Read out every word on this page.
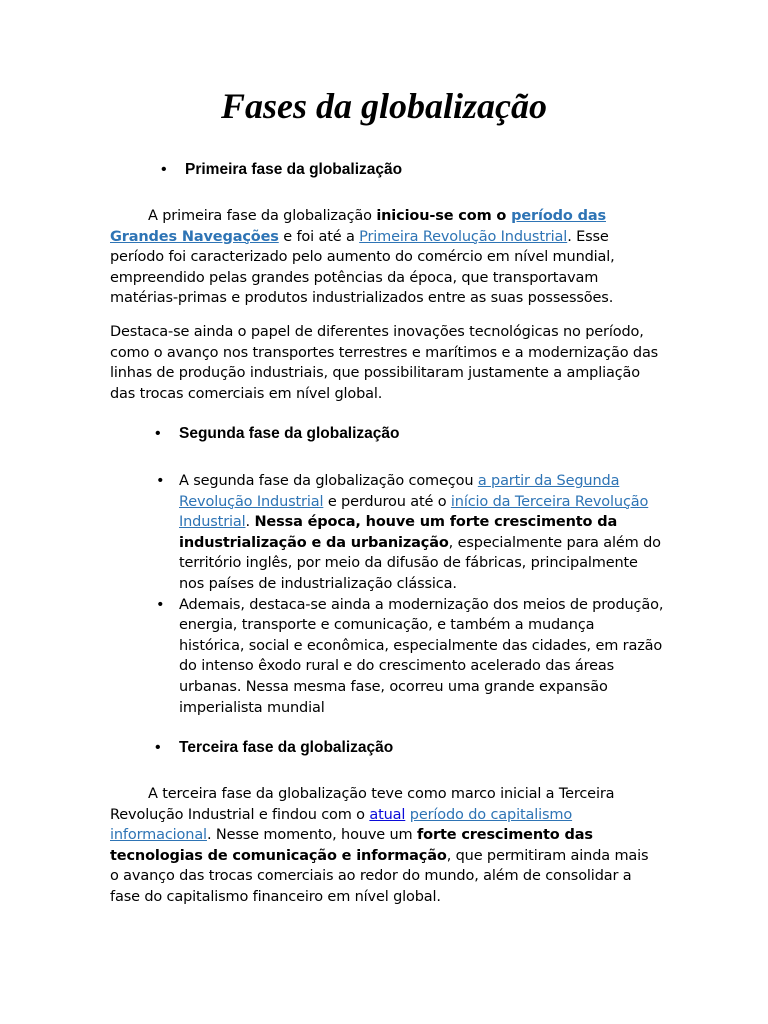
Fases da globalização
• Primeira fase da globalização

A primeira fase da globalização iniciou-se com o período das Grandes Navegações e foi até a Primeira Revolução Industrial. Esse período foi caracterizado pelo aumento do comércio em nível mundial, empreendido pelas grandes potências da época, que transportavam matérias-primas e produtos industrializados entre as suas possessões.

Destaca-se ainda o papel de diferentes inovações tecnológicas no período, como o avanço nos transportes terrestres e marítimos e a modernização das linhas de produção industriais, que possibilitaram justamente a ampliação das trocas comerciais em nível global.

• Segunda fase da globalização
• A segunda fase da globalização começou a partir da Segunda Revolução Industrial e perdurou até o início da Terceira Revolução Industrial. Nessa época, houve um forte crescimento da industrialização e da urbanização, especialmente para além do território inglês, por meio da difusão de fábricas, principalmente nos países de industrialização clássica.
• Ademais, destaca-se ainda a modernização dos meios de produção, energia, transporte e comunicação, e também a mudança histórica, social e econômica, especialmente das cidades, em razão do intenso êxodo rural e do crescimento acelerado das áreas urbanas. Nessa mesma fase, ocorreu uma grande expansão imperialista mundial
• Terceira fase da globalização

A terceira fase da globalização teve como marco inicial a Terceira Revolução Industrial e findou com o atual período do capitalismo informacional. Nesse momento, houve um forte crescimento das tecnologias de comunicação e informação, que permitiram ainda mais o avanço das trocas comerciais ao redor do mundo, além de consolidar a fase do capitalismo financeiro em nível global.
